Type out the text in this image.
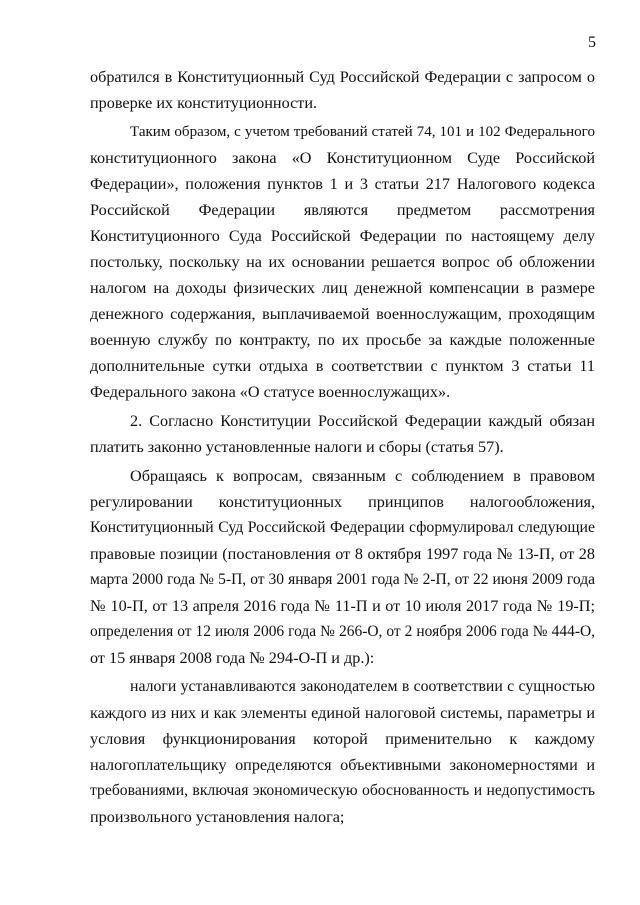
5

обратился в Конституционный Суд Российской Федерации с запросом о
проверке их конституционности.

Таким образом, с учетом требований статей 74, 101 и 102 Федерального
конституционного закона «О Конституционном Суде Российской
Федерации», положения пунктов 1 и 3 статьи 217 Налогового кодекса
Российской Федерации являются предметом рассмотрения
Конституционного Суда Российской Федерации по настоящему делу
постольку, поскольку на их основании решается вопрос об обложении
налогом на доходы физических лиц денежной компенсации в размере
денежного содержания, выплачиваемой военнослужащим, проходящим
военную службу по контракту, по их просьбе за каждые положенные
дополнительные сутки отдыха в соответствии с пунктом 3 статьи 11
Федерального закона «О статусе военнослужащих».

2. Согласно Конституции Российской Федерации каждый обязан
платить законно установленные налоги и сборы (статья 57).

Обращаясь к вопросам, связанным с соблюдением в правовом
регулировании конституционных принципов налогообложения,
Конституционный Суд Российской Федерации сформулировал следующие
правовые позиции (постановления от 8 октября 1997 года № 13-П, от 28
марта 2000 года № 5-П, от 30 января 2001 года № 2-П, от 22 июня 2009 года
№ 10-П, от 13 апреля 2016 года № 11-П и от 10 июля 2017 года № 19-П;
определения от 12 июля 2006 года № 266-О, от 2 ноября 2006 года № 444-О,
от 15 января 2008 года № 294-О-П и др.):

налоги устанавливаются законодателем в соответствии с сущностью
каждого из них и как элементы единой налоговой системы, параметры и
условия функционирования которой применительно к каждому
налогоплательщику определяются объективными закономерностями и
требованиями, включая экономическую обоснованность и недопустимость
произвольного установления налога;
